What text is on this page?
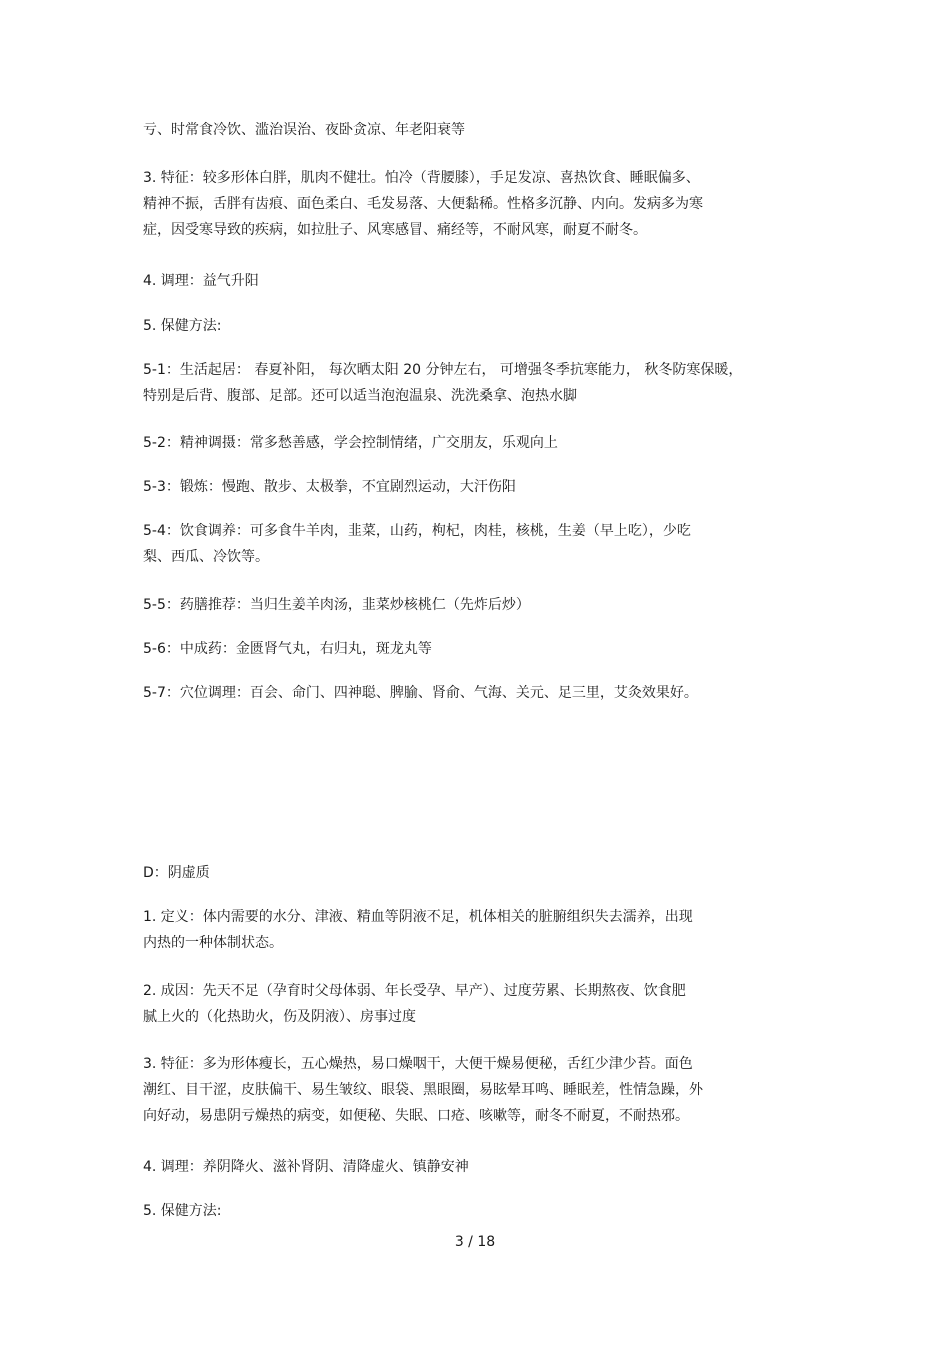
亏、时常食冷饮、滥治误治、夜卧贪凉、年老阳衰等
3. 特征：较多形体白胖，肌肉不健壮。怕冷（背腰膝），手足发凉、喜热饮食、睡眠偏多、
精神不振，舌胖有齿痕、面色柔白、毛发易落、大便黏稀。性格多沉静、内向。发病多为寒
症，因受寒导致的疾病，如拉肚子、风寒感冒、痛经等，不耐风寒，耐夏不耐冬。
4. 调理：益气升阳
5. 保健方法:
5-1：生活起居： 春夏补阳， 每次晒太阳 20 分钟左右， 可增强冬季抗寒能力， 秋冬防寒保暖，
特别是后背、腹部、足部。还可以适当泡泡温泉、洗洗桑拿、泡热水脚
5-2：精神调摄：常多愁善感，学会控制情绪，广交朋友，乐观向上
5-3：锻炼：慢跑、散步、太极拳，不宜剧烈运动，大汗伤阳
5-4：饮食调养：可多食牛羊肉，韭菜，山药，枸杞，肉桂，核桃，生姜（早上吃），少吃
梨、西瓜、冷饮等。
5-5：药膳推荐：当归生姜羊肉汤，韭菜炒核桃仁（先炸后炒）
5-6：中成药：金匮肾气丸，右归丸，斑龙丸等
5-7：穴位调理：百会、命门、四神聪、脾腧、肾俞、气海、关元、足三里，艾灸效果好。
D：阴虚质
1. 定义：体内需要的水分、津液、精血等阴液不足，机体相关的脏腑组织失去濡养，出现
内热的一种体制状态。
2. 成因：先天不足（孕育时父母体弱、年长受孕、早产）、过度劳累、长期熬夜、饮食肥
腻上火的（化热助火，伤及阴液）、房事过度
3. 特征：多为形体瘦长，五心燥热，易口燥咽干，大便干燥易便秘，舌红少津少苔。面色
潮红、目干涩，皮肤偏干、易生皱纹、眼袋、黑眼圈，易眩晕耳鸣、睡眠差，性情急躁，外
向好动，易患阴亏燥热的病变，如便秘、失眠、口疮、咳嗽等，耐冬不耐夏，不耐热邪。
4. 调理：养阴降火、滋补肾阴、清降虚火、镇静安神
5. 保健方法:
3 / 18
